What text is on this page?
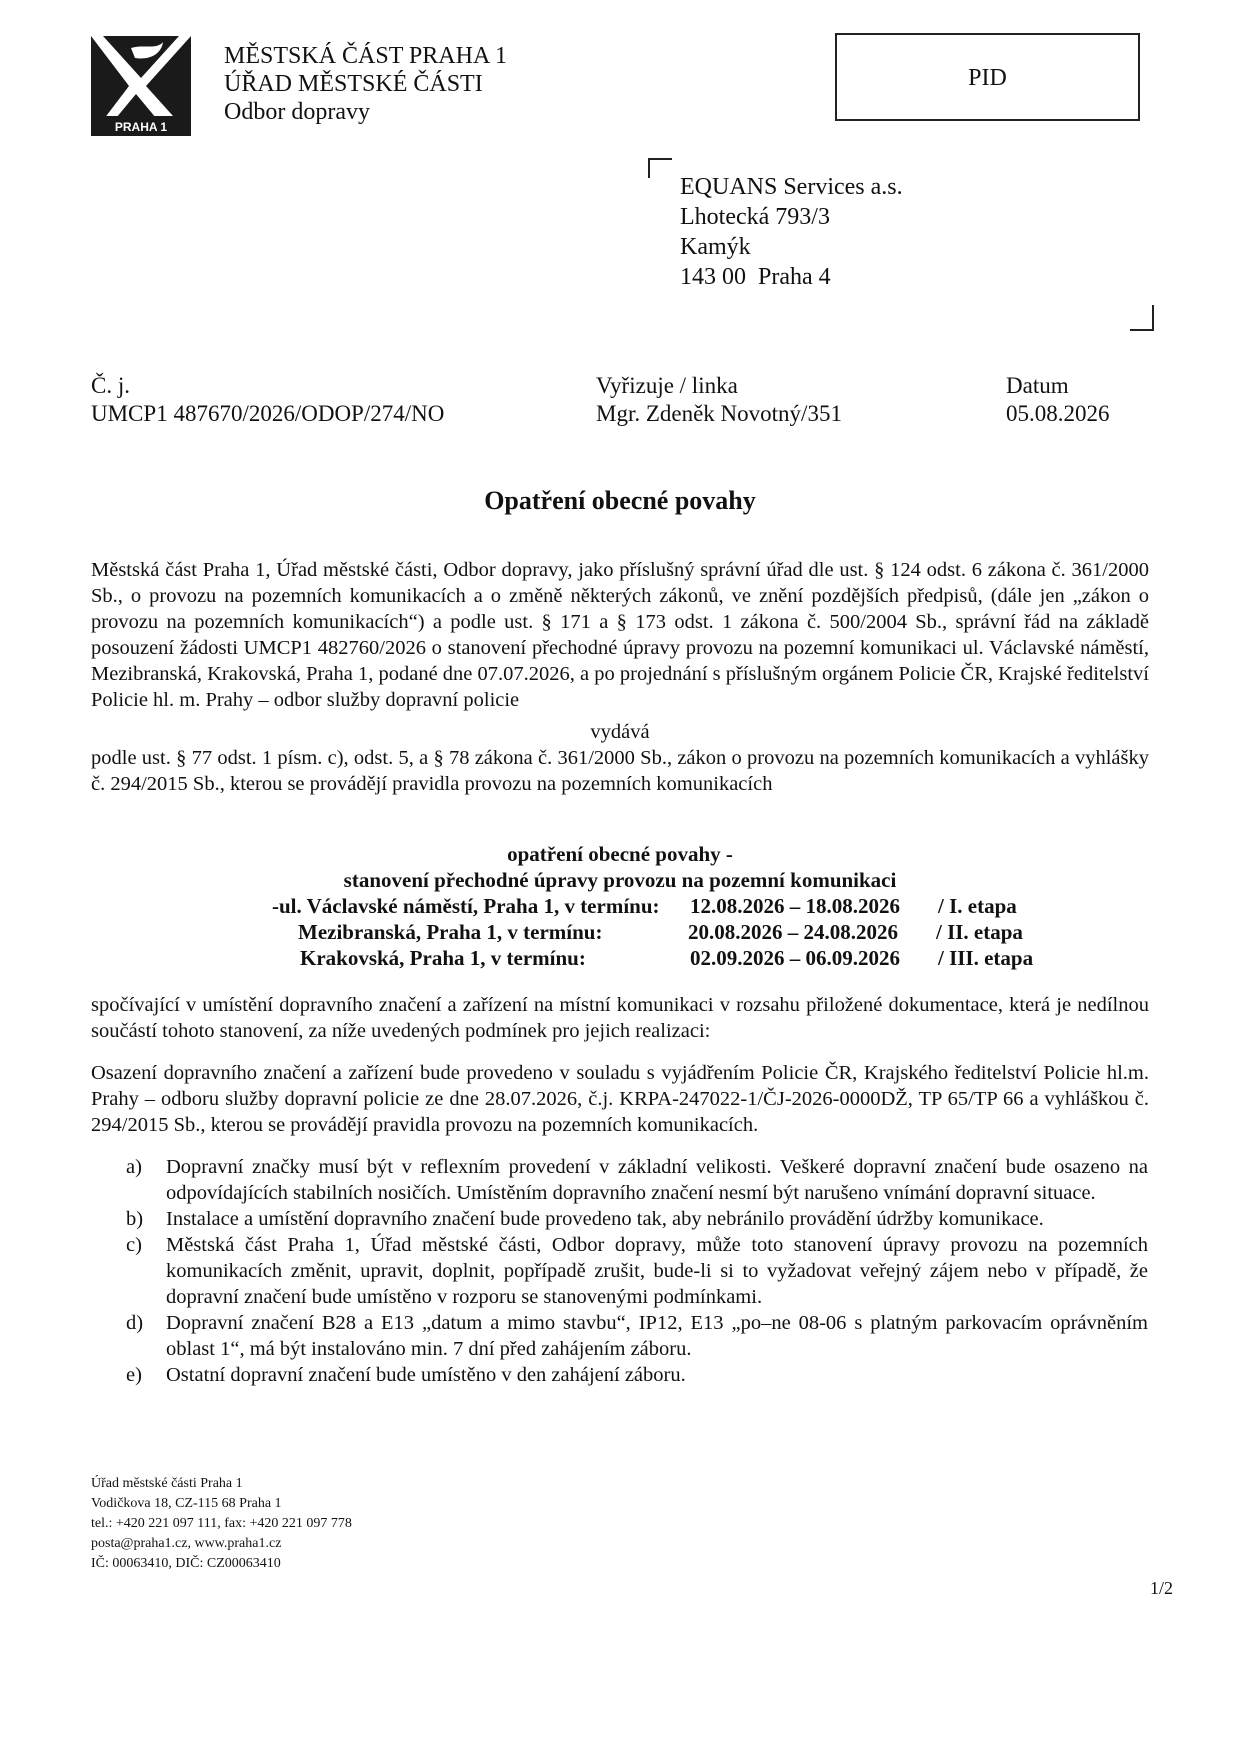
PRAHA 1
MĚSTSKÁ ČÁST PRAHA 1
ÚŘAD MĚSTSKÉ ČÁSTI
Odbor dopravy
PID
EQUANS Services a.s.
Lhotecká 793/3
Kamýk
143 00  Praha 4
Č. j.
UMCP1 487670/2026/ODOP/274/NO
Vyřizuje / linka
Mgr. Zdeněk Novotný/351
Datum
05.08.2026
Opatření obecné povahy

Městská část Praha 1, Úřad městské části, Odbor dopravy, jako příslušný správní úřad dle ust. § 124 odst. 6 zákona č. 361/2000 Sb., o provozu na pozemních komunikacích a o změně některých zákonů, ve znění pozdějších předpisů, (dále jen „zákon o provozu na pozemních komunikacích“) a podle ust. § 171 a § 173 odst. 1 zákona č. 500/2004 Sb., správní řád na základě posouzení žádosti UMCP1 482760/2026 o stanovení přechodné úpravy provozu na pozemní komunikaci ul. Václavské náměstí, Mezibranská, Krakovská, Praha 1, podané dne 07.07.2026, a po projednání s příslušným orgánem Policie ČR, Krajské ředitelství Policie hl. m. Prahy – odbor služby dopravní policie

vydává

podle ust. § 77 odst. 1 písm. c), odst. 5, a § 78 zákona č. 361/2000 Sb., zákon o provozu na pozemních komunikacích a vyhlášky č. 294/2015 Sb., kterou se provádějí pravidla provozu na pozemních komunikacích

opatření obecné povahy -
stanovení přechodné úpravy provozu na pozemní komunikaci
-ul. Václavské náměstí, Praha 1, v termínu: 12.08.2026 – 18.08.2026 / I. etapa
Mezibranská, Praha 1, v termínu:	20.08.2026 – 24.08.2026 / II. etapa
Krakovská, Praha 1, v termínu:	02.09.2026 – 06.09.2026 / III. etapa

spočívající v umístění dopravního značení a zařízení na místní komunikaci v rozsahu přiložené dokumentace, která je nedílnou součástí tohoto stanovení, za níže uvedených podmínek pro jejich realizaci:

Osazení dopravního značení a zařízení bude provedeno v souladu s vyjádřením Policie ČR, Krajského ředitelství Policie hl.m. Prahy – odboru služby dopravní policie ze dne 28.07.2026, č.j. KRPA-247022-1/ČJ-2026-0000DŽ, TP 65/TP 66 a vyhláškou č. 294/2015 Sb., kterou se provádějí pravidla provozu na pozemních komunikacích.

a) Dopravní značky musí být v reflexním provedení v základní velikosti. Veškeré dopravní značení bude osazeno na odpovídajících stabilních nosičích. Umístěním dopravního značení nesmí být narušeno vnímání dopravní situace.
b) Instalace a umístění dopravního značení bude provedeno tak, aby nebránilo provádění údržby komunikace.
c) Městská část Praha 1, Úřad městské části, Odbor dopravy, může toto stanovení úpravy provozu na pozemních komunikacích změnit, upravit, doplnit, popřípadě zrušit, bude-li si to vyžadovat veřejný zájem nebo v případě, že dopravní značení bude umístěno v rozporu se stanovenými podmínkami.
d) Dopravní značení B28 a E13 „datum a mimo stavbu“, IP12, E13 „po–ne 08-06 s platným parkovacím oprávněním oblast 1“, má být instalováno min. 7 dní před zahájením záboru.
e) Ostatní dopravní značení bude umístěno v den zahájení záboru.
Úřad městské části Praha 1
Vodičkova 18, CZ-115 68 Praha 1
tel.: +420 221 097 111, fax: +420 221 097 778
posta@praha1.cz, www.praha1.cz
IČ: 00063410, DIČ: CZ00063410
1/2
